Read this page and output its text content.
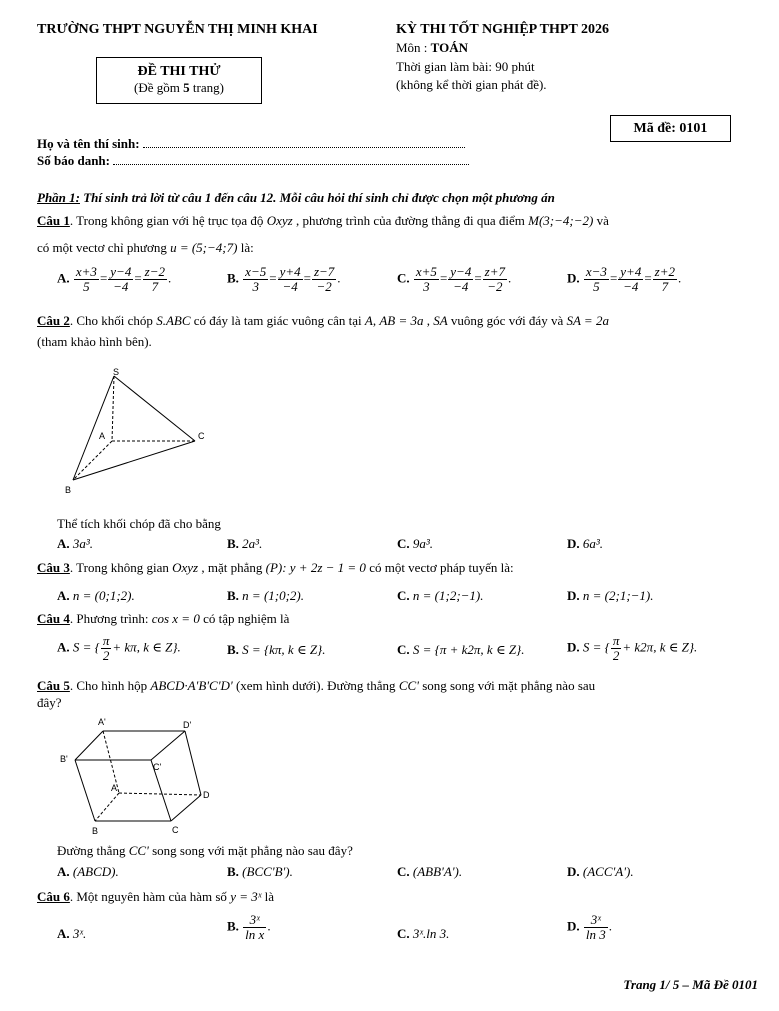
TRƯỜNG THPT NGUYỄN THỊ MINH KHAI	KỲ THI TỐT NGHIỆP THPT 2026
Môn : TOÁN
Thời gian làm bài: 90 phút
(không kể thời gian phát đề).
ĐỀ THI THỬ
(Đề gồm 5 trang)
Mã đề: 0101
Họ và tên thí sinh:
Số báo danh:
Phần 1: Thí sinh trả lời từ câu 1 đến câu 12. Mỗi câu hỏi thí sinh chỉ được chọn một phương án
Câu 1. Trong không gian với hệ trục tọa độ Oxyz , phương trình của đường thẳng đi qua điểm M(3;−4;−2) và
có một vectơ chỉ phương u = (5;−4;7) là:
A. $\frac{x+3}{5} = \frac{y-4}{-4} = \frac{z-2}{7}$ .	B. $\frac{x-5}{3} = \frac{y+4}{-4} = \frac{z-7}{-2}$ .	C. $\frac{x+5}{3} = \frac{y-4}{-4} = \frac{z+7}{-2}$ .	D. $\frac{x-3}{5} = \frac{y+4}{-4} = \frac{z+2}{7}$ .
Câu 2. Cho khối chóp S.ABC có đáy là tam giác vuông cân tại A, AB = 3a , SA vuông góc với đáy và SA = 2a
(tham khảo hình bên).
S
A	C
B
Thể tích khối chóp đã cho bằng
A. 3a³.	B. 2a³.	C. 9a³.	D. 6a³.
Câu 3. Trong không gian Oxyz , mặt phẳng (P): y + 2z − 1 = 0 có một vectơ pháp tuyến là:
A. n = (0;1;2).	B. n = (1;0;2).	C. n = (1;2;−1).	D. n = (2;1;−1).
Câu 4. Phương trình: cos x = 0 có tập nghiệm là
A. S = { $\frac{\pi}{2} + k\pi$, k ∈ Z}.	B. S = {kπ, k ∈ Z}.	C. S = {π + k2π, k ∈ Z}.	D. S = { $\frac{\pi}{2} + k2\pi$, k ∈ Z}.
Câu 5. Cho hình hộp ABCD·A'B'C'D' (xem hình dưới). Đường thẳng CC' song song với mặt phẳng nào sau
đây?
A'	D'
B'
C'
A
D
B	C
Đường thẳng CC' song song với mặt phẳng nào sau đây?
A. (ABCD).	B. (BCC'B').	C. (ABB'A').	D. (ACC'A').
Câu 6. Một nguyên hàm của hàm số y = 3ˣ là
A. 3ˣ.
B. $\frac{\text{3ˣ}}{\text{ln x}}$ .
C. 3ˣ.ln 3.
D. $\frac{\text{3ˣ}}{\ln 3}$ .
Trang 1/ 5 – Mã Đề 0101
